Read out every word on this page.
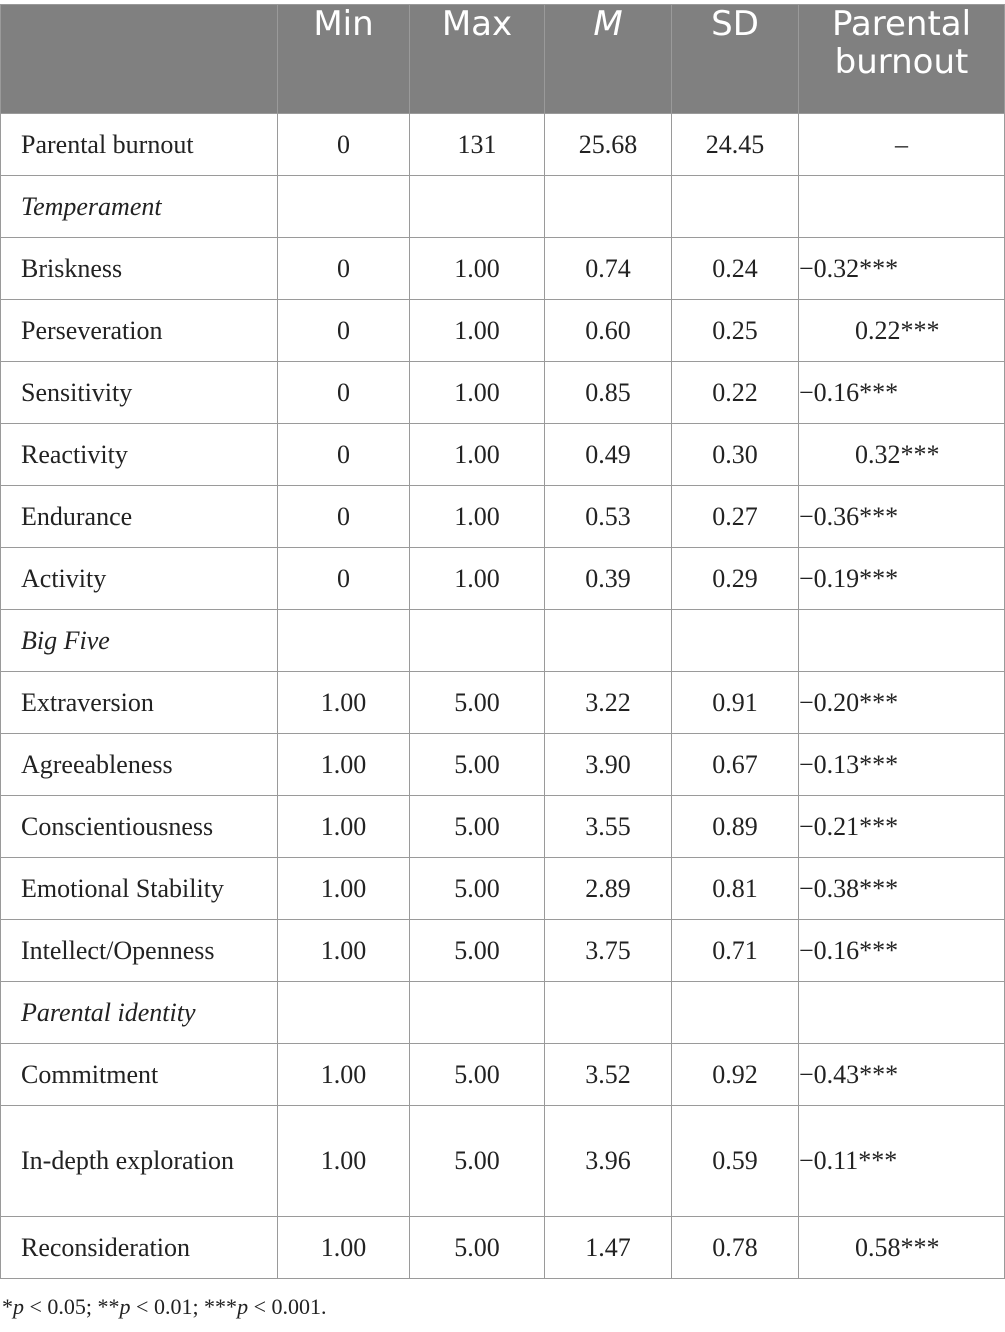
	Min	Max	M	SD	Parental burnout
Parental burnout	0	131	25.68	24.45	–
Temperament					
Briskness	0	1.00	0.74	0.24	−0.32***
Perseveration	0	1.00	0.60	0.25	0.22***
Sensitivity	0	1.00	0.85	0.22	−0.16***
Reactivity	0	1.00	0.49	0.30	0.32***
Endurance	0	1.00	0.53	0.27	−0.36***
Activity	0	1.00	0.39	0.29	−0.19***
Big Five					
Extraversion	1.00	5.00	3.22	0.91	−0.20***
Agreeableness	1.00	5.00	3.90	0.67	−0.13***
Conscientiousness	1.00	5.00	3.55	0.89	−0.21***
Emotional Stability	1.00	5.00	2.89	0.81	−0.38***
Intellect/Openness	1.00	5.00	3.75	0.71	−0.16***
Parental identity					
Commitment	1.00	5.00	3.52	0.92	−0.43***
In-depth exploration	1.00	5.00	3.96	0.59	−0.11***
Reconsideration	1.00	5.00	1.47	0.78	0.58***
*p < 0.05; **p < 0.01; ***p < 0.001.
